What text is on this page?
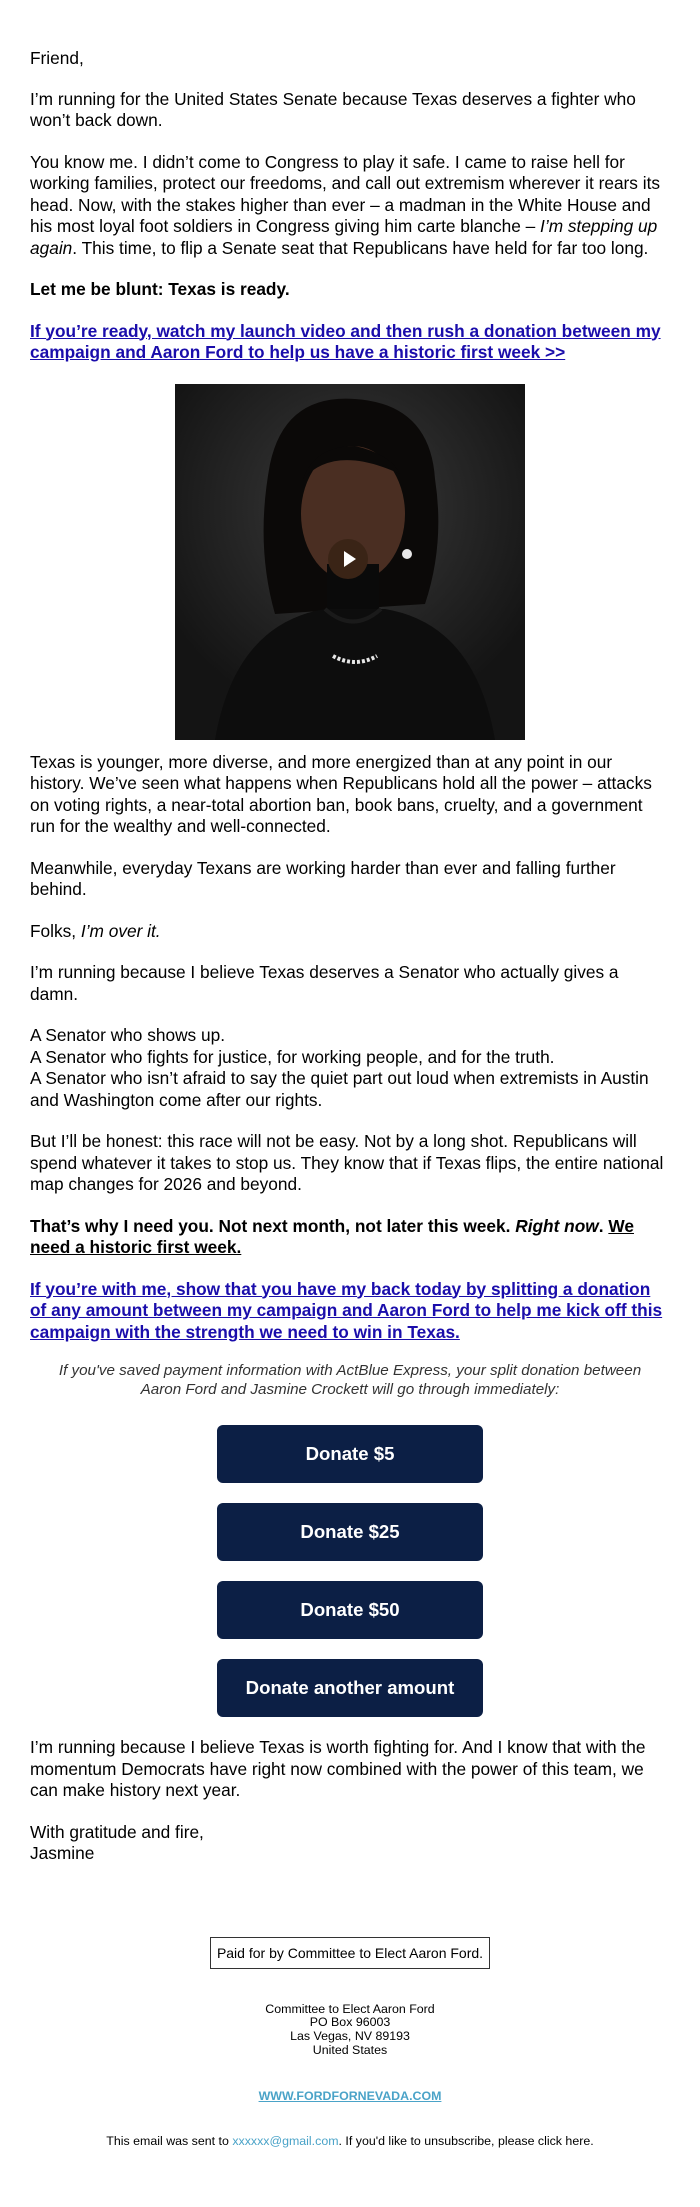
Friend,

I’m running for the United States Senate because Texas deserves a fighter who won’t back down.

You know me. I didn’t come to Congress to play it safe. I came to raise hell for working families, protect our freedoms, and call out extremism wherever it rears its head. Now, with the stakes higher than ever – a madman in the White House and his most loyal foot soldiers in Congress giving him carte blanche – I’m stepping up again. This time, to flip a Senate seat that Republicans have held for far too long.

Let me be blunt: Texas is ready.

If you’re ready, watch my launch video and then rush a donation between my campaign and Aaron Ford to help us have a historic first week >>

Texas is younger, more diverse, and more energized than at any point in our history. We’ve seen what happens when Republicans hold all the power – attacks on voting rights, a near-total abortion ban, book bans, cruelty, and a government run for the wealthy and well-connected.

Meanwhile, everyday Texans are working harder than ever and falling further behind.

Folks, I’m over it.

I’m running because I believe Texas deserves a Senator who actually gives a damn.

A Senator who shows up.
A Senator who fights for justice, for working people, and for the truth.
A Senator who isn’t afraid to say the quiet part out loud when extremists in Austin and Washington come after our rights.

But I’ll be honest: this race will not be easy. Not by a long shot. Republicans will spend whatever it takes to stop us. They know that if Texas flips, the entire national map changes for 2026 and beyond.

That’s why I need you. Not next month, not later this week. Right now. We need a historic first week.

If you’re with me, show that you have my back today by splitting a donation of any amount between my campaign and Aaron Ford to help me kick off this campaign with the strength we need to win in Texas.

If you've saved payment information with ActBlue Express, your split donation between Aaron Ford and Jasmine Crockett will go through immediately:
Donate $5
Donate $25
Donate $50
Donate another amount

I’m running because I believe Texas is worth fighting for. And I know that with the momentum Democrats have right now combined with the power of this team, we can make history next year.

With gratitude and fire,
Jasmine

Paid for by Committee to Elect Aaron Ford.
Committee to Elect Aaron Ford
PO Box 96003
Las Vegas, NV 89193
United States
WWW.FORDFORNEVADA.COM
This email was sent to xxxxxx@gmail.com. If you'd like to unsubscribe, please click here.
